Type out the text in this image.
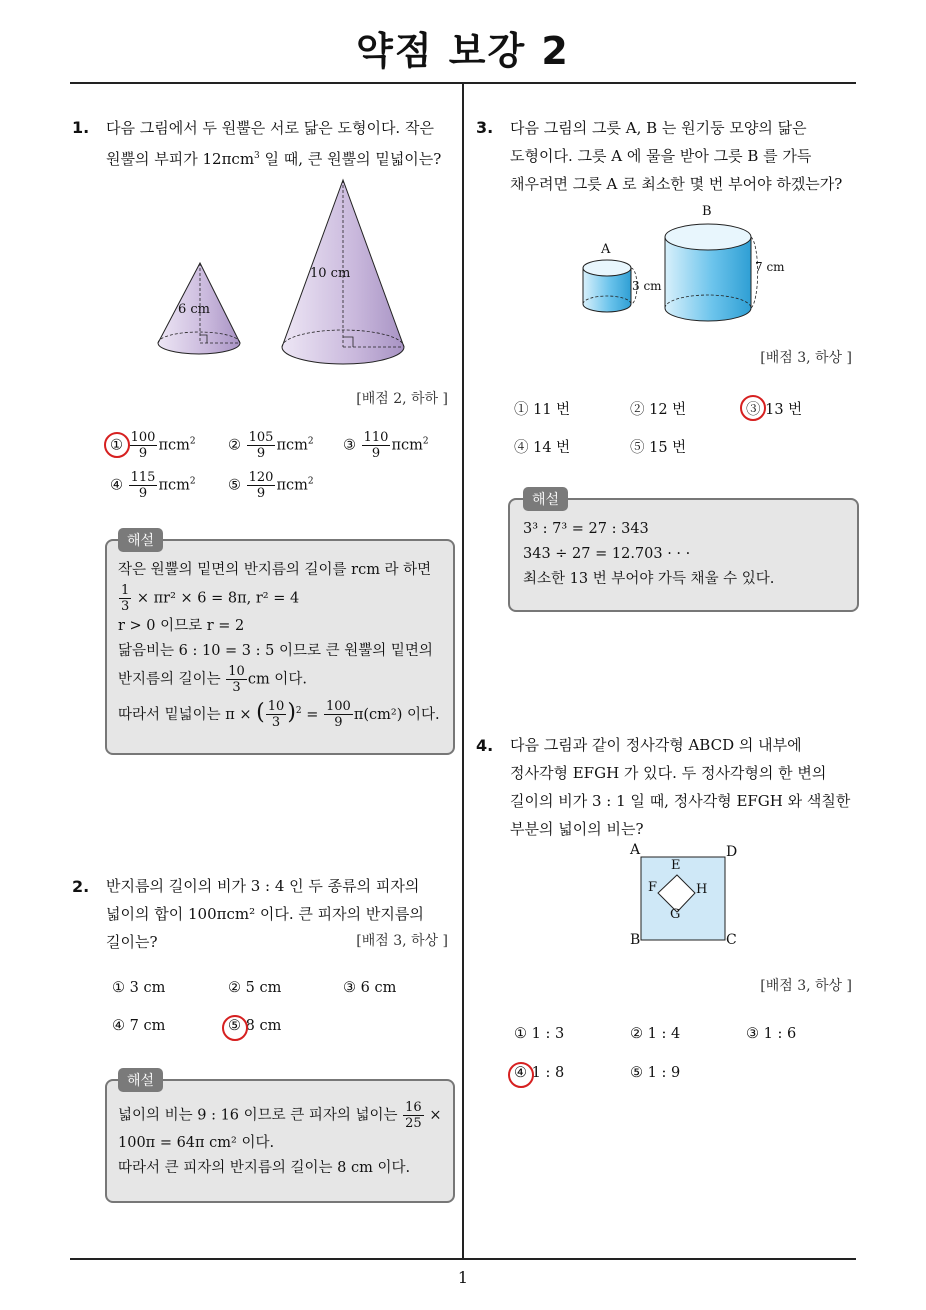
약점 보강 2
1
1. 다음 그림에서 두 원뿔은 서로 닮은 도형이다. 작은
원뿔의 부피가 12πcm$^3$ 일 때, 큰 원뿔의 밑넓이는?
6 cm
10 cm
[배점 2, 하하 ]
① $\frac{100}{9} \pi cm^2$ ② $\frac{105}{9} \pi cm^2$ ③ $\frac{110}{9} \pi cm^2$
④ $\frac{115}{9} \pi cm^2$ ⑤ $\frac{120}{9} \pi cm^2$
해설
작은 원뿔의 밑면의 반지름의 길이를 rcm 라 하면
$\frac{1}{3} \times \pi r^2 \times 6 = 8\pi$, r² = 4
r > 0 이므로 r = 2
닮음비는 6 : 10 = 3 : 5 이므로 큰 원뿔의 밑면의
반지름의 길이는 $\frac{10}{3}$ cm 이다.
따라서 밑넓이는 π × ( $\frac{10}{3} )^2 = \frac{100}{9} \pi(cm^2)$ 이다.
2. 반지름의 길이의 비가 3 : 4 인 두 종류의 피자의
넓이의 합이 100πcm² 이다. 큰 피자의 반지름의
길이는?	[배점 3, 하상 ]
① 3 cm	② 5 cm	③ 6 cm
④ 7 cm	⑤ 8 cm
해설
넓이의 비는 9 : 16 이므로 큰 피자의 넓이는 $\frac{16}{25}$ ×
100π = 64π cm² 이다.
따라서 큰 피자의 반지름의 길이는 8 cm 이다.
3. 다음 그림의 그릇 A, B 는 원기둥 모양의 닮은
도형이다. 그릇 A 에 물을 받아 그릇 B 를 가득
채우려면 그릇 A 로 최소한 몇 번 부어야 하겠는가?
A
B
3 cm
7 cm
[배점 3, 하상 ]
① 11 번	② 12 번	③ 13 번
④ 14 번	⑤ 15 번
해설
3³ : 7³ = 27 : 343
343 ÷ 27 = 12.703 · · ·
최소한 13 번 부어야 가득 채울 수 있다.
4. 다음 그림과 같이 정사각형 ABCD 의 내부에
정사각형 EFGH 가 있다. 두 정사각형의 한 변의
길이의 비가 3 : 1 일 때, 정사각형 EFGH 와 색칠한
부분의 넓이의 비는?
A	D
B	C
E
F	H
G
[배점 3, 하상 ]
① 1 : 3	② 1 : 4	③ 1 : 6
④ 1 : 8	⑤ 1 : 9
